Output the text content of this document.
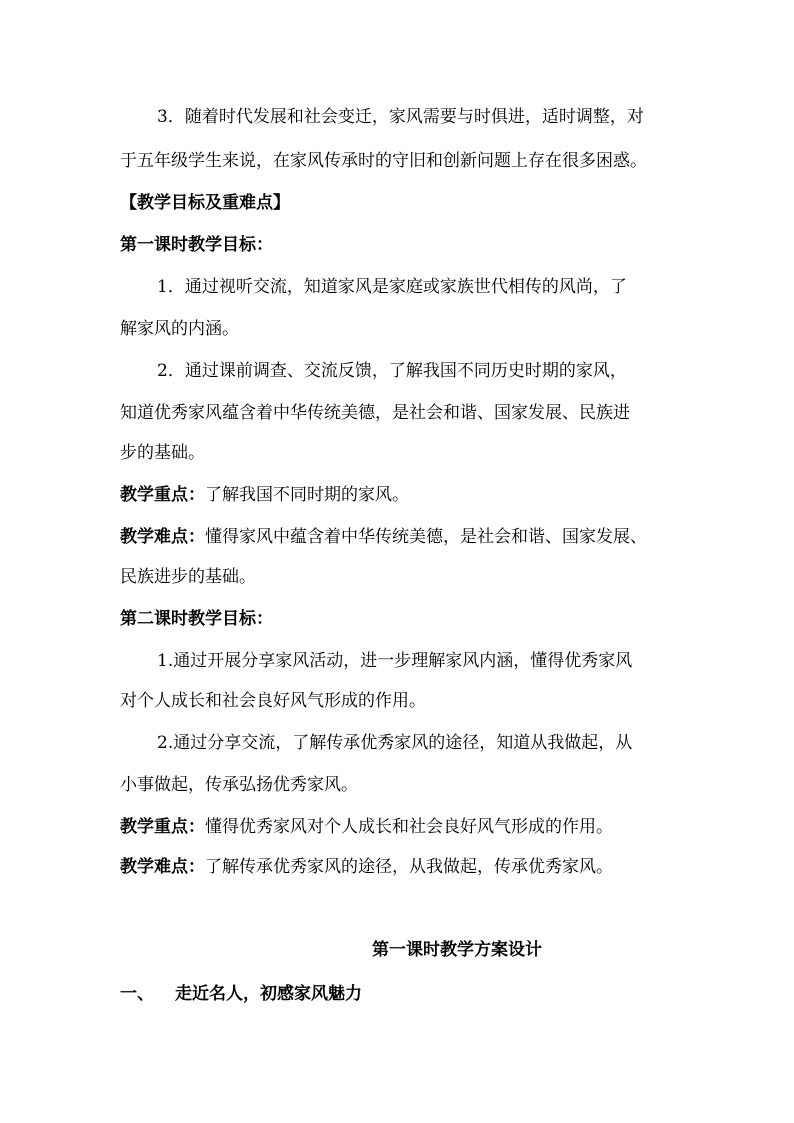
3．随着时代发展和社会变迁，家风需要与时俱进，适时调整，对
于五年级学生来说，在家风传承时的守旧和创新问题上存在很多困惑。
【教学目标及重难点】
第一课时教学目标：
1．通过视听交流，知道家风是家庭或家族世代相传的风尚，了
解家风的内涵。
2．通过课前调查、交流反馈，了解我国不同历史时期的家风，
知道优秀家风蕴含着中华传统美德，是社会和谐、国家发展、民族进
步的基础。
教学重点：了解我国不同时期的家风。
教学难点：懂得家风中蕴含着中华传统美德，是社会和谐、国家发展、
民族进步的基础。
第二课时教学目标：
1.通过开展分享家风活动，进一步理解家风内涵，懂得优秀家风
对个人成长和社会良好风气形成的作用。
2.通过分享交流，了解传承优秀家风的途径，知道从我做起，从
小事做起，传承弘扬优秀家风。
教学重点：懂得优秀家风对个人成长和社会良好风气形成的作用。
教学难点：了解传承优秀家风的途径，从我做起，传承优秀家风。
第一课时教学方案设计
一、 走近名人，初感家风魅力
